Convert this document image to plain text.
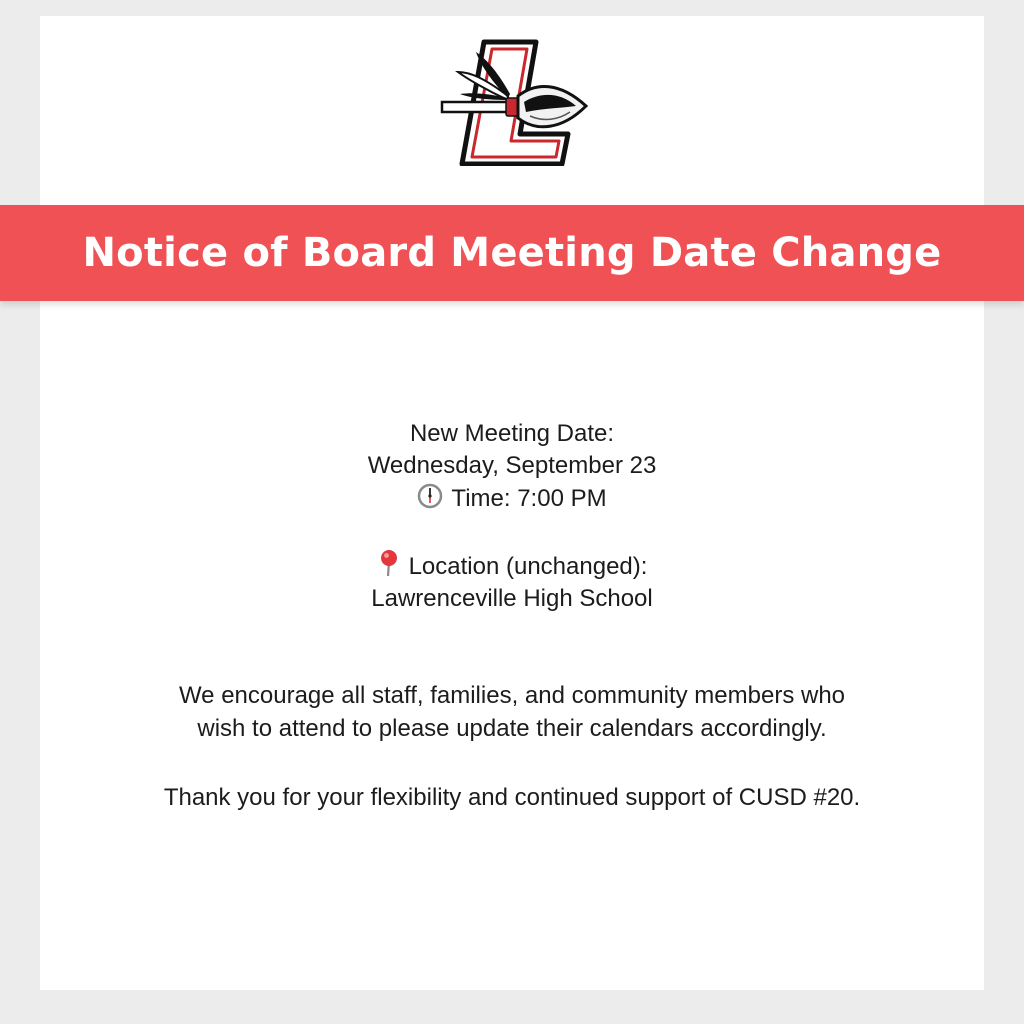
Notice of Board Meeting Date Change
New Meeting Date:
Wednesday, September 23
Time: 7:00 PM
Location (unchanged):
Lawrenceville High School
We encourage all staff, families, and community members who
wish to attend to please update their calendars accordingly.
Thank you for your flexibility and continued support of CUSD #20.
